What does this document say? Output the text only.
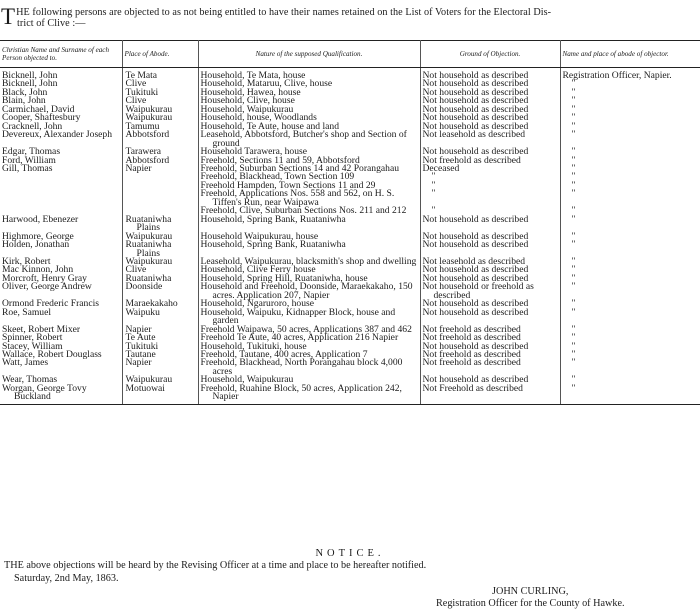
THE following persons are objected to as not being entitled to have their names retained on the List of Voters for the Electoral Dis-
trict of Clive :—
Christian Name and Surname of each Person objected to.	Place of Abode.	Nature of the supposed Qualification.	Ground of Objection.	Name and place of abode of objector.

Bicknell, John	Te Mata	Household, Te Mata, house	Not household as described	Registration Officer, Napier.

Bicknell, John	Clive	Household, Mataruu, Clive, house	Not household as described	"

Black, John	Tukituki	Household, Hawea, house	Not household as described	"

Blain, John	Clive	Household, Clive, house	Not household as described	"

Carmichael, David	Waipukurau	Household, Waipukurau	Not household as described	"

Cooper, Shaftesbury	Waipukurau	Household, house, Woodlands	Not household as described	"

Cracknell, John	Tamumu	Household, Te Aute, house and land	Not household as described	"

Devereux, Alexander Joseph	Abbotsford	Leasehold, Abbotsford, Butcher's shop and Section of ground	Not leasehold as described	"

Edgar, Thomas	Tarawera	Household Tarawera, house	Not household as described	"

Ford, William	Abbotsford	Freehold, Sections 11 and 59, Abbotsford	Not freehold as described	"

Gill, Thomas	Napier	Freehold, Suburban Sections 14 and 42 Porangahau	Deceased	"

		Freehold, Blackhead, Town Section 109	"	"

		Freehold Hampden, Town Sections 11 and 29	"	"

		Freehold, Applications Nos. 558 and 562, on H. S. Tiffen's Run, near Waipawa	"	"

		Freehold, Clive, Suburban Sections Nos. 211 and 212	"	"

Harwood, Ebenezer	Ruataniwha Plains	Household, Spring Bank, Ruataniwha	Not household as described	"

Highmore, George	Waipukurau	Household Waipukurau, house	Not household as described	"

Holden, Jonathan	Ruataniwha Plains	Household, Spring Bank, Ruataniwha	Not household as described	"

Kirk, Robert	Waipukurau	Leasehold, Waipukurau, blacksmith's shop and dwelling	Not leasehold as described	"

Mac Kinnon, John	Clive	Household, Clive Ferry house	Not household as described	"

Morcroft, Henry Gray	Ruataniwha	Household, Spring Hill, Ruataniwha, house	Not household as described	"

Oliver, George Andrew	Doonside	Household and Freehold, Doonside, Maraekakaho, 150 acres. Application 207, Napier	Not household or freehold as described	"

Ormond Frederic Francis	Maraekakaho	Household, Ngaruroro, house	Not household as described	"

Roe, Samuel	Waipuku	Household, Waipuku, Kidnapper Block, house and garden	Not household as described	"

Skeet, Robert Mixer	Napier	Freehold Waipawa, 50 acres, Applications 387 and 462	Not freehold as described	"

Spinner, Robert	Te Aute	Freehold Te Aute, 40 acres, Application 216 Napier	Not freehold as described	"

Stacey, William	Tukituki	Household, Tukituki, house	Not household as described	"

Wallace, Robert Douglass	Tautane	Freehold, Tautane, 400 acres, Application 7	Not freehold as described	"

Watt, James	Napier	Freehold, Blackhead, North Porangahau block 4,000 acres	Not freehold as described	"

Wear, Thomas	Waipukurau	Household, Waipukurau	Not household as described	"

Worgan, George Tovy Buckland	Motuowai	Freehold, Ruahine Block, 50 acres, Application 242, Napier	Not Freehold as described	"
NOTICE.
THE above objections will be heard by the Revising Officer at a time and place to be hereafter notified.
Saturday, 2nd May, 1863.
JOHN CURLING,
Registration Officer for the County of Hawke.
